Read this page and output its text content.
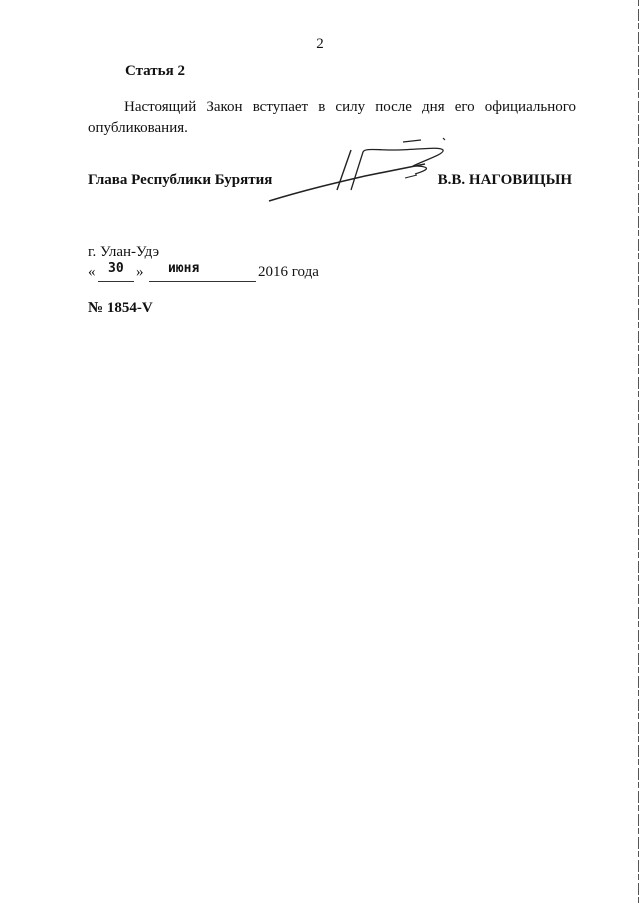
2
Статья 2

Настоящий Закон вступает в силу после дня его официального опубликования.

Глава Республики Бурятия	В.В. НАГОВИЦЫН
г. Улан-Удэ
« 30 » июня	2016 года
№ 1854-V
